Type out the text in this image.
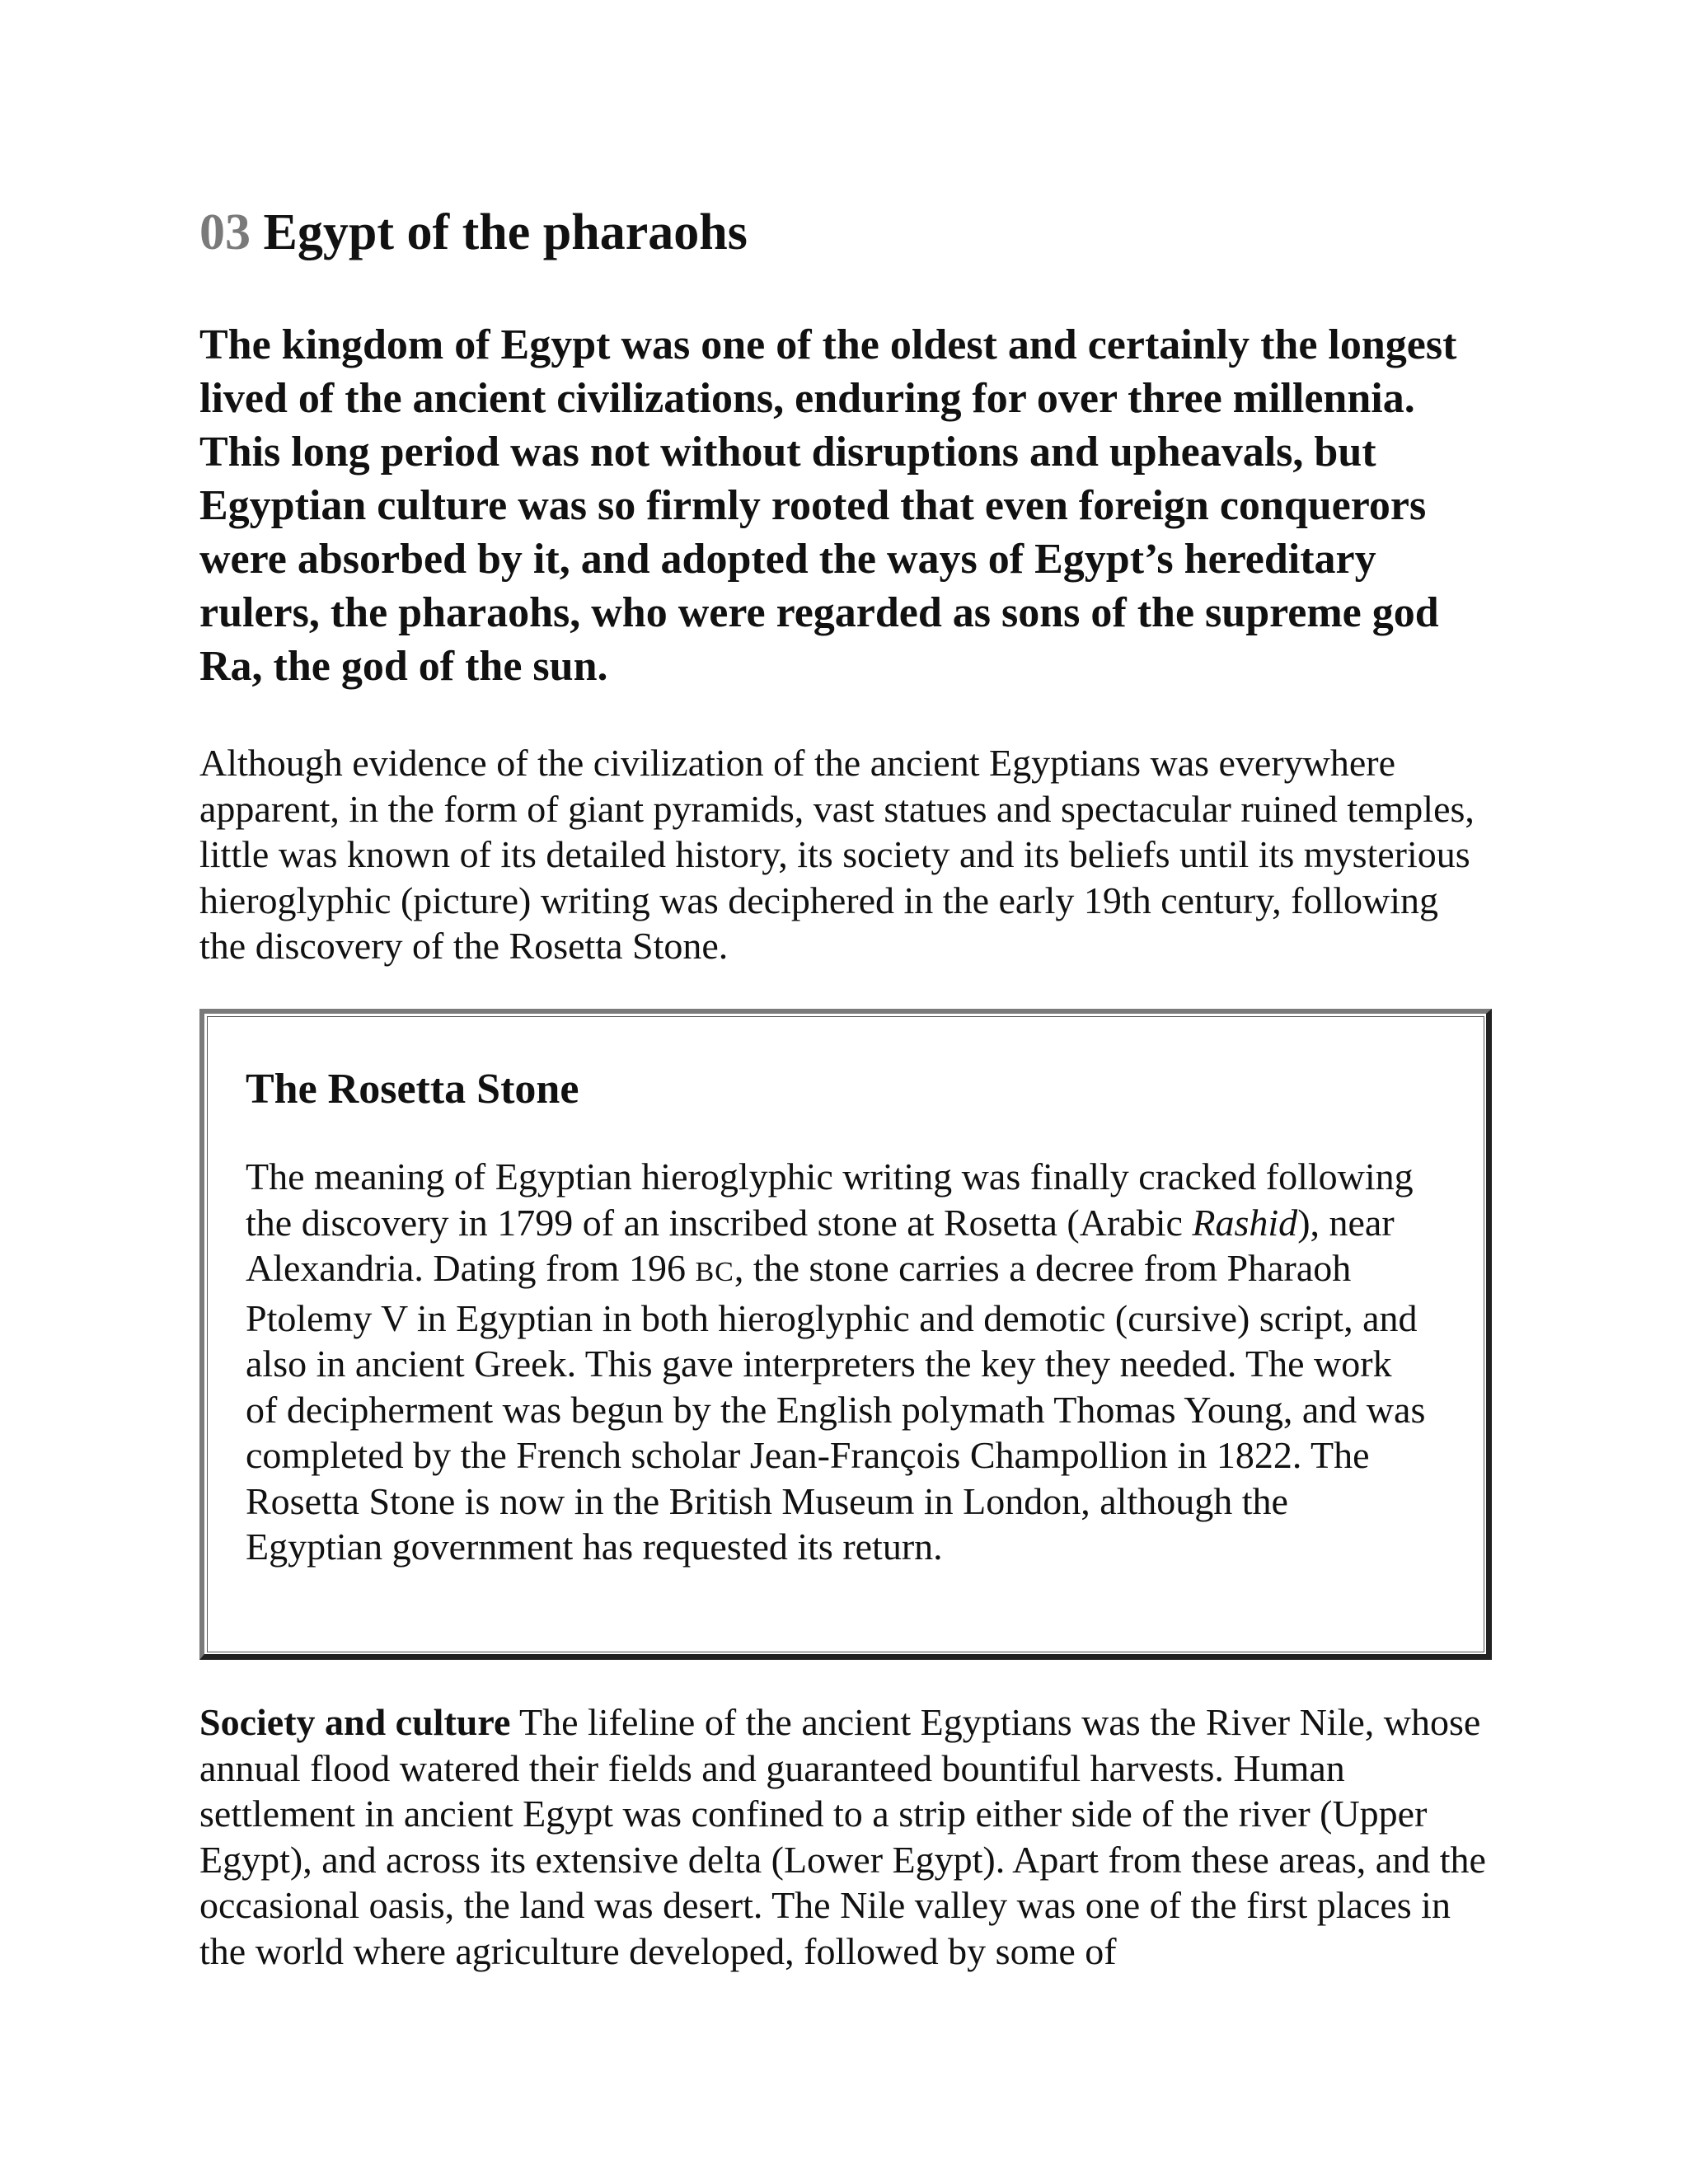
03 Egypt of the pharaohs

The kingdom of Egypt was one of the oldest and certainly the longest lived of the ancient civilizations, enduring for over three millennia. This long period was not without disruptions and upheavals, but Egyptian culture was so firmly rooted that even foreign conquerors were absorbed by it, and adopted the ways of Egypt’s hereditary rulers, the pharaohs, who were regarded as sons of the supreme god Ra, the god of the sun.

Although evidence of the civilization of the ancient Egyptians was everywhere apparent, in the form of giant pyramids, vast statues and spectacular ruined temples, little was known of its detailed history, its society and its beliefs until its mysterious hieroglyphic (picture) writing was deciphered in the early 19th century, following the discovery of the Rosetta Stone.

The Rosetta Stone

The meaning of Egyptian hieroglyphic writing was finally cracked following the discovery in 1799 of an inscribed stone at Rosetta (Arabic Rashid), near Alexandria. Dating from 196 BC, the stone carries a decree from Pharaoh Ptolemy V in Egyptian in both hieroglyphic and demotic (cursive) script, and also in ancient Greek. This gave interpreters the key they needed. The work of decipherment was begun by the English polymath Thomas Young, and was completed by the French scholar Jean-François Champollion in 1822. The Rosetta Stone is now in the British Museum in London, although the Egyptian government has requested its return.

Society and culture The lifeline of the ancient Egyptians was the River Nile, whose annual flood watered their fields and guaranteed bountiful harvests. Human settlement in ancient Egypt was confined to a strip either side of the river (Upper Egypt), and across its extensive delta (Lower Egypt). Apart from these areas, and the occasional oasis, the land was desert. The Nile valley was one of the first places in the world where agriculture developed, followed by some of
